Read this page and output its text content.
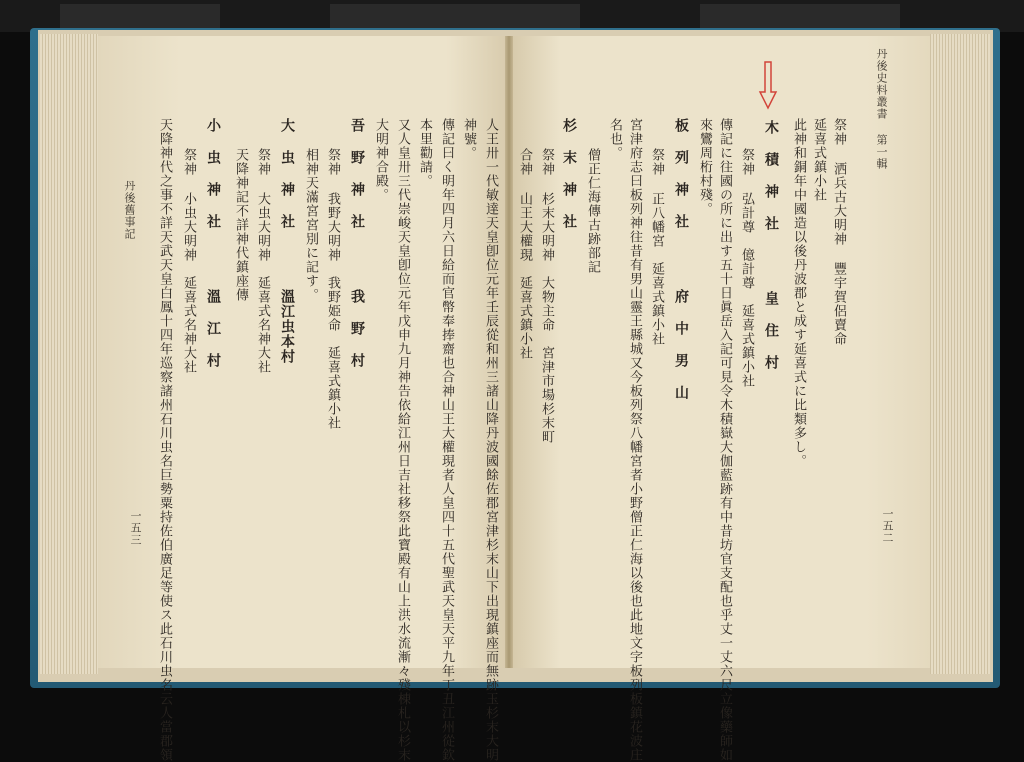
丹後史料叢書 第一輯
一五二
祭神 洒兵古大明神 豐宇賀侶賣命
延喜式鎮小社
此神和銅年中國造以後丹波郡と成す延喜式に比類多し。
木 積 神 社　　　　皇 住 村
祭神 弘計尊　億計尊　延喜式鎮小社
傳記に往國の所に出す五十日眞岳入記可見令木積嶽大伽藍跡有中昔坊官支配也乎丈一丈六尺立像藥師如
來鸞周桁村殘。
板 列 神 社　　　　府 中 男 山
祭神 正八幡宮　延喜式鎮小社
宮津府志曰板列神往昔有男山靈王縣城又今板列祭八幡宮者小野僧正仁海以後也此地文字板列板鎮花波庄
名也。
僧正仁海傳古跡部記
杉 末 神 社
祭神 杉末大明神　大物主命　宮津市場杉末町
合神 山王大權現　延喜式鎮小社
人王卅一代敏達天皇卽位元年壬辰從和州三諸山降丹波國餘佐郡宮津杉末山下出現鎮座而無跡玉杉末大明
神號。
傳記曰く明年四月六日給而官幣奉捧齋也合神山王大權現者人皇四十五代聖武天皇天平九年丁丑江州從欽
本里勸請。
又人皇卅三代崇峻天皇卽位元年戊申九月神告依給江州日吉社移祭此寶殿有山上洪水流漸々殘棟札以杉末
大明神合殿。
吾 野 神 社　　　　我 野 村
祭神 我野大明神　我野姫命　延喜式鎮小社
相神天滿宮宮別に記す。
大 虫 神 社　　　　溫江虫本村
祭神 大虫大明神　延喜式名神大社
天降神記不詳神代鎮座傳
小 虫 神 社　　　　溫 江 村
祭神 小虫大明神　延喜式名神大社
天降神代之事不詳天武天皇白鳳十四年巡察諸州石川虫名巨勢粟持佐伯廣足等使ス此石川虫名云人當郡領
丹後舊事記
一五三
